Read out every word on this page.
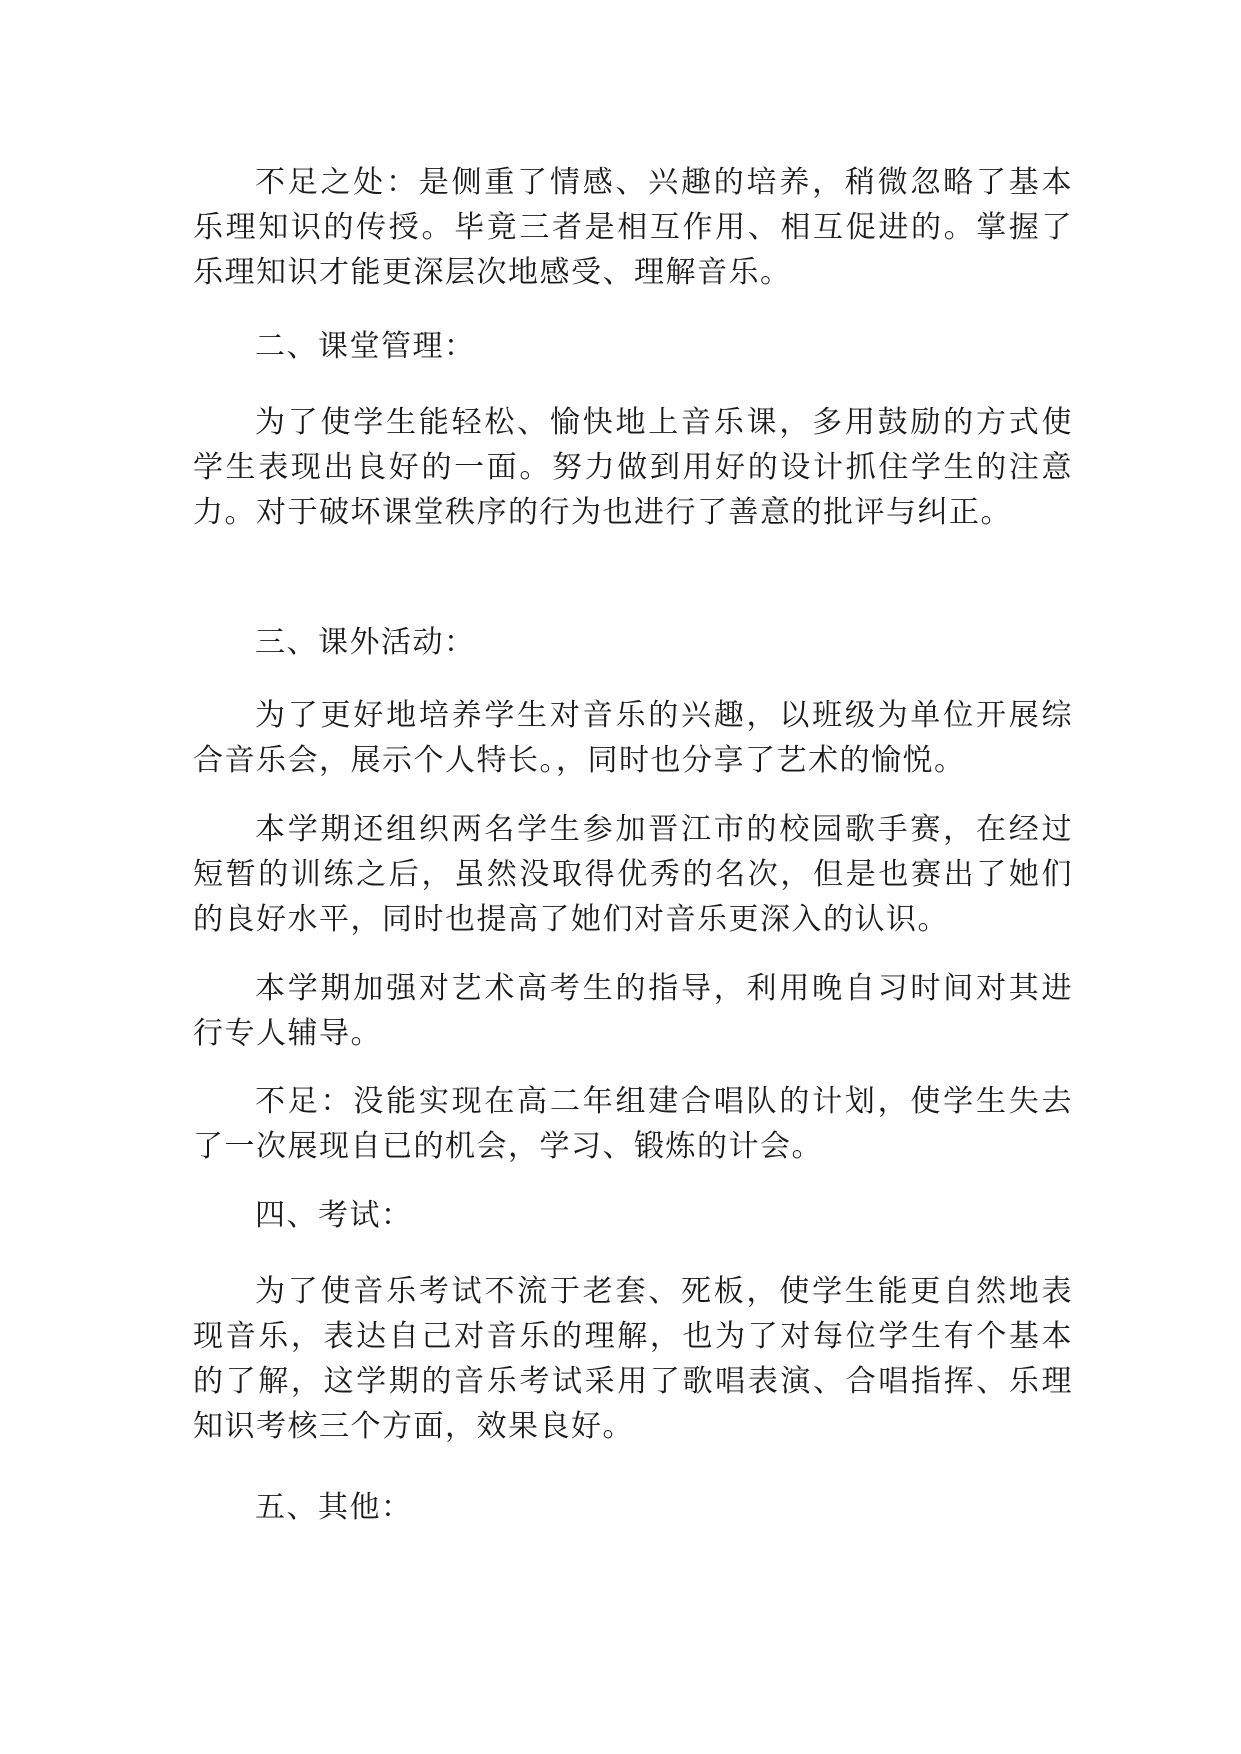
不足之处：是侧重了情感、兴趣的培养，稍微忽略了基本乐理知识的传授。毕竟三者是相互作用、相互促进的。掌握了乐理知识才能更深层次地感受、理解音乐。

二、课堂管理：

为了使学生能轻松、愉快地上音乐课，多用鼓励的方式使学生表现出良好的一面。努力做到用好的设计抓住学生的注意力。对于破坏课堂秩序的行为也进行了善意的批评与纠正。

三、课外活动：

为了更好地培养学生对音乐的兴趣，以班级为单位开展综合音乐会，展示个人特长。，同时也分享了艺术的愉悦。

本学期还组织两名学生参加晋江市的校园歌手赛，在经过短暂的训练之后，虽然没取得优秀的名次，但是也赛出了她们的良好水平，同时也提高了她们对音乐更深入的认识。

本学期加强对艺术高考生的指导，利用晚自习时间对其进行专人辅导。

不足：没能实现在高二年组建合唱队的计划，使学生失去了一次展现自已的机会，学习、锻炼的计会。

四、考试：

为了使音乐考试不流于老套、死板，使学生能更自然地表现音乐，表达自己对音乐的理解，也为了对每位学生有个基本的了解，这学期的音乐考试采用了歌唱表演、合唱指挥、乐理知识考核三个方面，效果良好。

五、其他：
